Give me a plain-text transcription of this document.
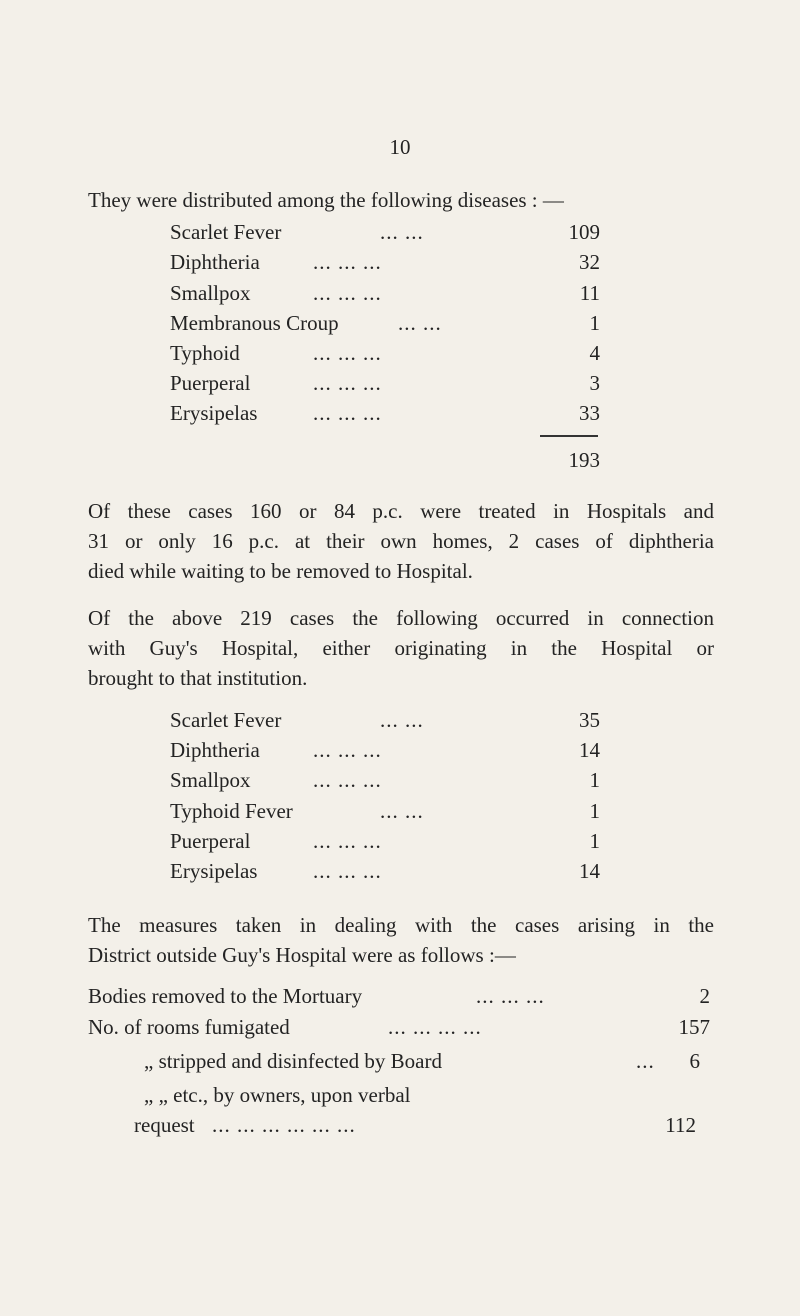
10
They were distributed among the following diseases : —
Scarlet Fever	... ...	109
Diphtheria	... ... ...	32
Smallpox	... ... ...	11
Membranous Croup	... ...	1
Typhoid	... ... ...	4
Puerperal	... ... ...	3
Erysipelas	... ... ...	33
193
Of these cases 160 or 84 p.c. were treated in Hospitals and
31 or only 16 p.c. at their own homes, 2 cases of diphtheria
died while waiting to be removed to Hospital.
Of the above 219 cases the following occurred in connection
with Guy's Hospital, either originating in the Hospital or
brought to that institution.
Scarlet Fever	... ...	35
Diphtheria	... ... ...	14
Smallpox	... ... ...	1
Typhoid Fever	... ...	1
Puerperal	... ... ...	1
Erysipelas	... ... ...	14
The measures taken in dealing with the cases arising in the
District outside Guy's Hospital were as follows :—
Bodies removed to the Mortuary	... ... ...	2
No. of rooms fumigated	... ... ... ...	157
„ stripped and disinfected by Board	...	6
„ „ etc., by owners, upon verbal
request ... ... ... ... ... ...	112
